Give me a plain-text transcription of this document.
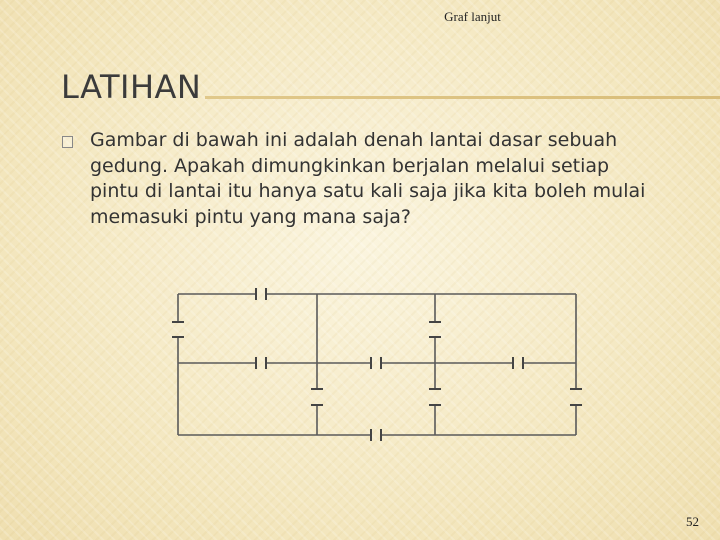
Graf lanjut
LATIHAN

Gambar di bawah ini adalah denah lantai dasar sebuah gedung. Apakah dimungkinkan berjalan melalui setiap pintu di lantai itu hanya satu kali saja jika kita boleh mulai memasuki pintu yang mana saja?

52
